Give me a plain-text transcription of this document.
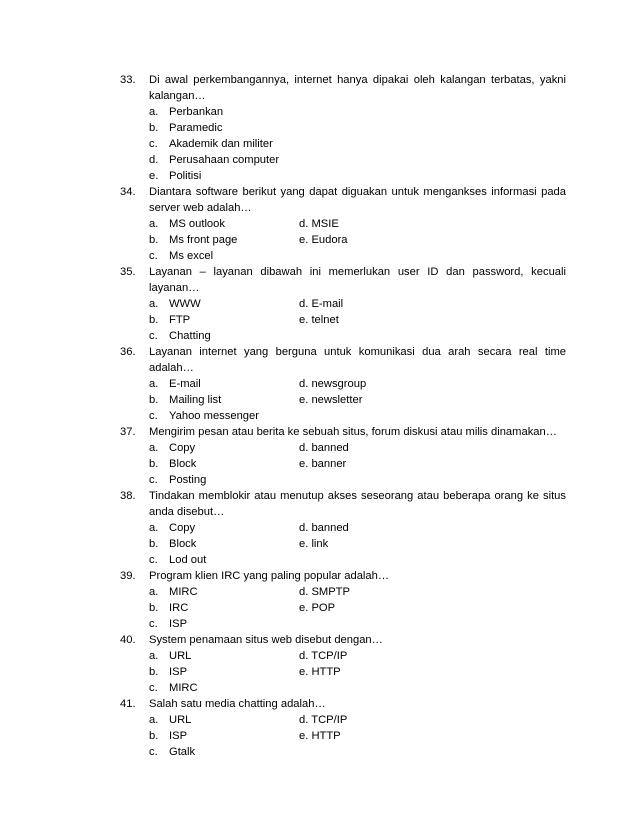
33.	Di awal perkembangannya, internet hanya dipakai oleh kalangan terbatas, yakni kalangan…
a. Perbankan
b. Paramedic
c.	Akademik dan militer
d. Perusahaan computer
e. Politisi
34.	Diantara software berikut yang dapat diguakan untuk mengankses informasi pada server web adalah…
a. MS outlook	d. MSIE
b. Ms front page	e. Eudora
c.	Ms excel
35.	Layanan – layanan dibawah ini memerlukan user ID dan password, kecuali layanan…
a. WWW	d. E-mail
b. FTP	e. telnet
c.	Chatting
36.	Layanan internet yang berguna untuk komunikasi dua arah secara real time adalah…
a. E-mail	d. newsgroup
b. Mailing list	e. newsletter
c.	Yahoo messenger
37.	Mengirim pesan atau berita ke sebuah situs, forum diskusi atau milis dinamakan…
a. Copy	d. banned
b. Block	e. banner
c.	Posting
38.	Tindakan memblokir atau menutup akses seseorang atau beberapa orang ke situs anda disebut…
a. Copy	d. banned
b. Block	e. link
c.	Lod out
39.	Program klien IRC yang paling popular adalah…
a. MIRC	d. SMPTP
b. IRC	e. POP
c.	ISP
40.	System penamaan situs web disebut dengan…
a. URL	d. TCP/IP
b. ISP	e. HTTP
c.	MIRC
41.	Salah satu media chatting adalah…
a. URL	d. TCP/IP
b. ISP	e. HTTP
c.	Gtalk
